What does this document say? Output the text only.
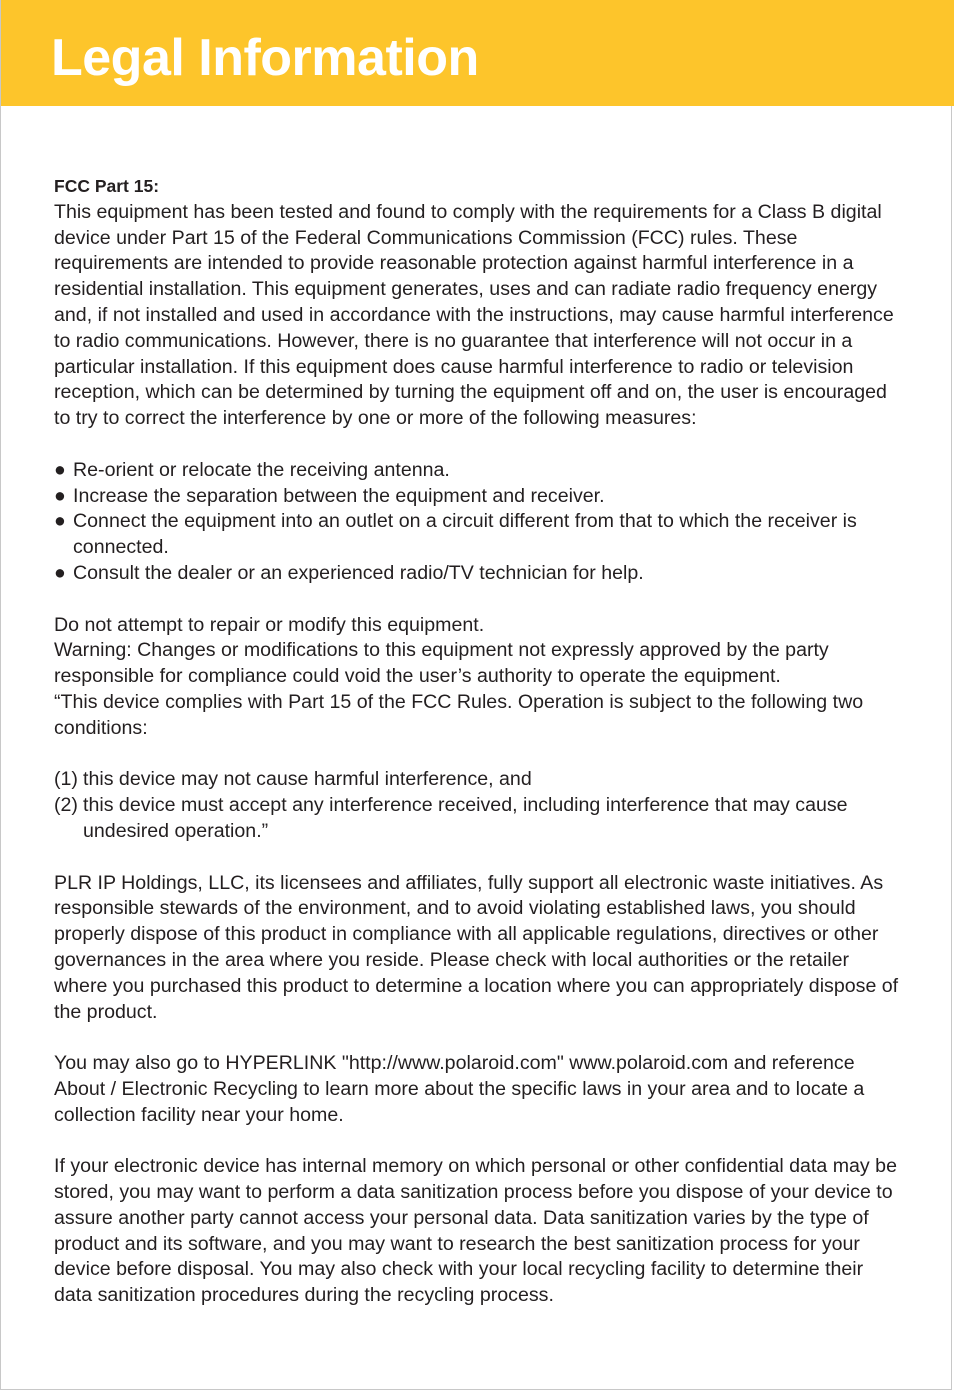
Legal Information

FCC Part 15:

This equipment has been tested and found to comply with the requirements for a Class B digital device under Part 15 of the Federal Communications Commission (FCC) rules. These requirements are intended to provide reasonable protection against harmful interference in a residential installation. This equipment generates, uses and can radiate radio frequency energy and, if not installed and used in accordance with the instructions, may cause harmful interference to radio communications. However, there is no guarantee that interference will not occur in a particular installation. If this equipment does cause harmful interference to radio or television reception, which can be determined by turning the equipment off and on, the user is encouraged to try to correct the interference by one or more of the following measures:

● Re-orient or relocate the receiving antenna.
● Increase the separation between the equipment and receiver.
● Connect the equipment into an outlet on a circuit different from that to which the receiver is connected.
● Consult the dealer or an experienced radio/TV technician for help.

Do not attempt to repair or modify this equipment.

Warning: Changes or modifications to this equipment not expressly approved by the party responsible for compliance could void the user’s authority to operate the equipment.

“This device complies with Part 15 of the FCC Rules. Operation is subject to the following two conditions:

(1) this device may not cause harmful interference, and
(2) this device must accept any interference received, including interference that may cause undesired operation.”

PLR IP Holdings, LLC, its licensees and affiliates, fully support all electronic waste initiatives. As responsible stewards of the environment, and to avoid violating established laws, you should properly dispose of this product in compliance with all applicable regulations, directives or other governances in the area where you reside. Please check with local authorities or the retailer where you purchased this product to determine a location where you can appropriately dispose of the product.

You may also go to HYPERLINK "http://www.polaroid.com" www.polaroid.com and reference About / Electronic Recycling to learn more about the specific laws in your area and to locate a collection facility near your home.

If your electronic device has internal memory on which personal or other confidential data may be stored, you may want to perform a data sanitization process before you dispose of your device to assure another party cannot access your personal data. Data sanitization varies by the type of product and its software, and you may want to research the best sanitization process for your device before disposal. You may also check with your local recycling facility to determine their data sanitization procedures during the recycling process.
